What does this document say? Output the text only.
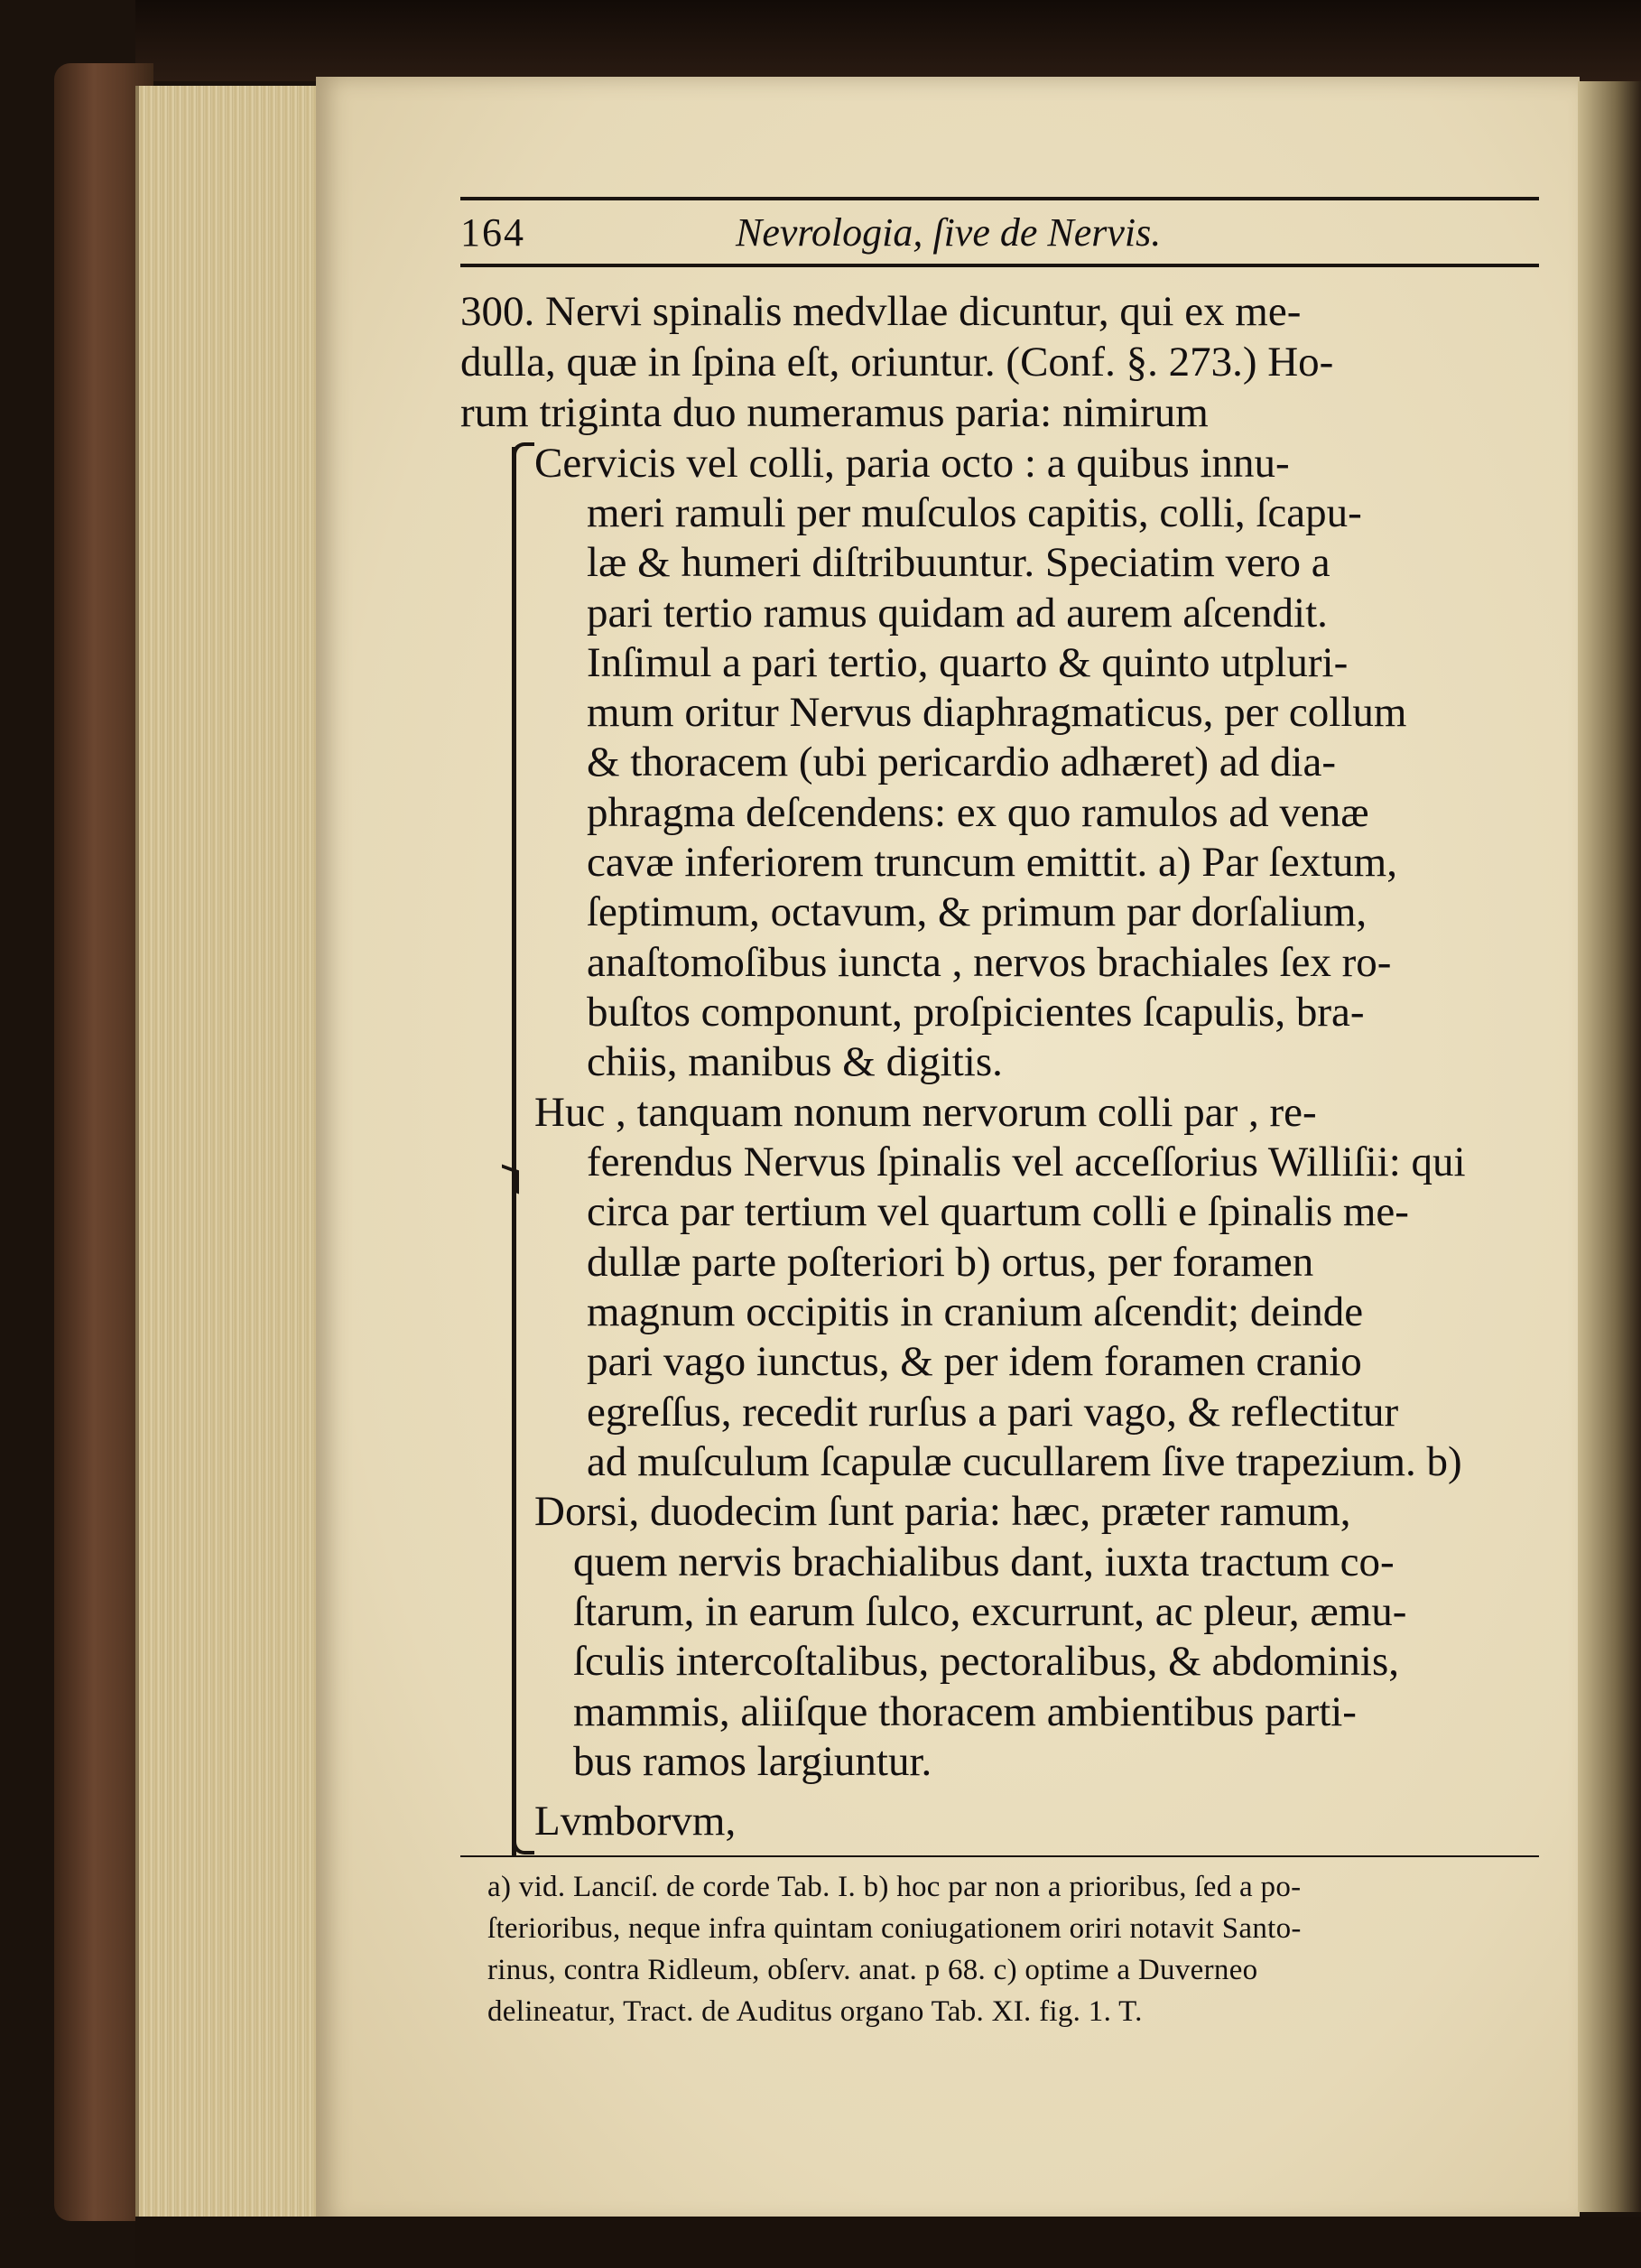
164	Nevrologia, ſive de Nervis.
300. Nervi spinalis medvllae dicuntur, qui ex me-
dulla, quæ in ſpina eſt, oriuntur. (Conf. §. 273.) Ho-
rum triginta duo numeramus paria: nimirum
Cervicis vel colli, paria octo : a quibus innu-
meri ramuli per muſculos capitis, colli, ſcapu-
læ & humeri diſtribuuntur. Speciatim vero a
pari tertio ramus quidam ad aurem aſcendit.
Inſimul a pari tertio, quarto & quinto utpluri-
mum oritur Nervus diaphragmaticus, per collum
& thoracem (ubi pericardio adhæret) ad dia-
phragma deſcendens: ex quo ramulos ad venæ
cavæ inferiorem truncum emittit. a) Par ſextum,
ſeptimum, octavum, & primum par dorſalium,
anaſtomoſibus iuncta , nervos brachiales ſex ro-
buſtos componunt, proſpicientes ſcapulis, bra-
chiis, manibus & digitis.
Huc , tanquam nonum nervorum colli par , re-
ferendus Nervus ſpinalis vel acceſſorius Williſii: qui
circa par tertium vel quartum colli e ſpinalis me-
dullæ parte poſteriori b) ortus, per foramen
magnum occipitis in cranium aſcendit; deinde
pari vago iunctus, & per idem foramen cranio
egreſſus, recedit rurſus a pari vago, & reflectitur
ad muſculum ſcapulæ cucullarem ſive trapezium. b)
Dorsi, duodecim ſunt paria: hæc, præter ramum,
quem nervis brachialibus dant, iuxta tractum co-
ſtarum, in earum ſulco, excurrunt, ac pleur, æmu-
ſculis intercoſtalibus, pectoralibus, & abdominis,
mammis, aliiſque thoracem ambientibus parti-
bus ramos largiuntur.
Lvmborvm,
a) vid. Lanciſ. de corde Tab. I. b) hoc par non a prioribus, ſed a po-
ſterioribus, neque infra quintam coniugationem oriri notavit Santo-
rinus, contra Ridleum, obſerv. anat. p 68. c) optime a Duverneo
delineatur, Tract. de Auditus organo Tab. XI. fig. 1. T.
